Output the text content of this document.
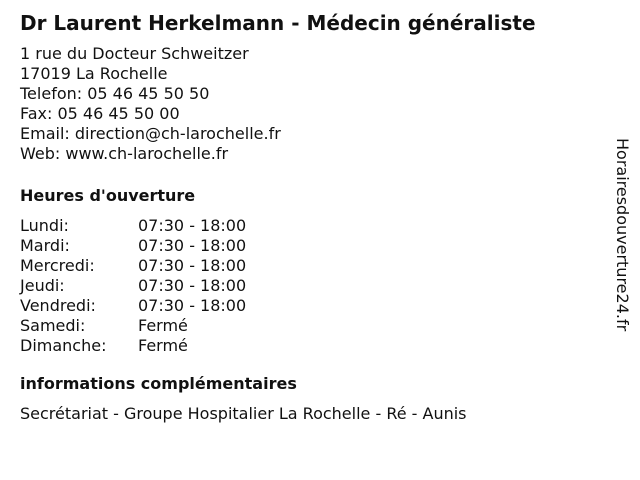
Dr Laurent Herkelmann - Médecin généraliste
1 rue du Docteur Schweitzer
17019 La Rochelle
Telefon: 05 46 45 50 50
Fax: 05 46 45 50 00
Email: direction@ch-larochelle.fr
Web: www.ch-larochelle.fr
Heures d'ouverture
Lundi:	07:30 - 18:00
Mardi:	07:30 - 18:00
Mercredi:	07:30 - 18:00
Jeudi:	07:30 - 18:00
Vendredi:	07:30 - 18:00
Samedi:	Fermé
Dimanche:	Fermé
informations complémentaires
Secrétariat - Groupe Hospitalier La Rochelle - Ré - Aunis
Horairesdouverture24.fr
